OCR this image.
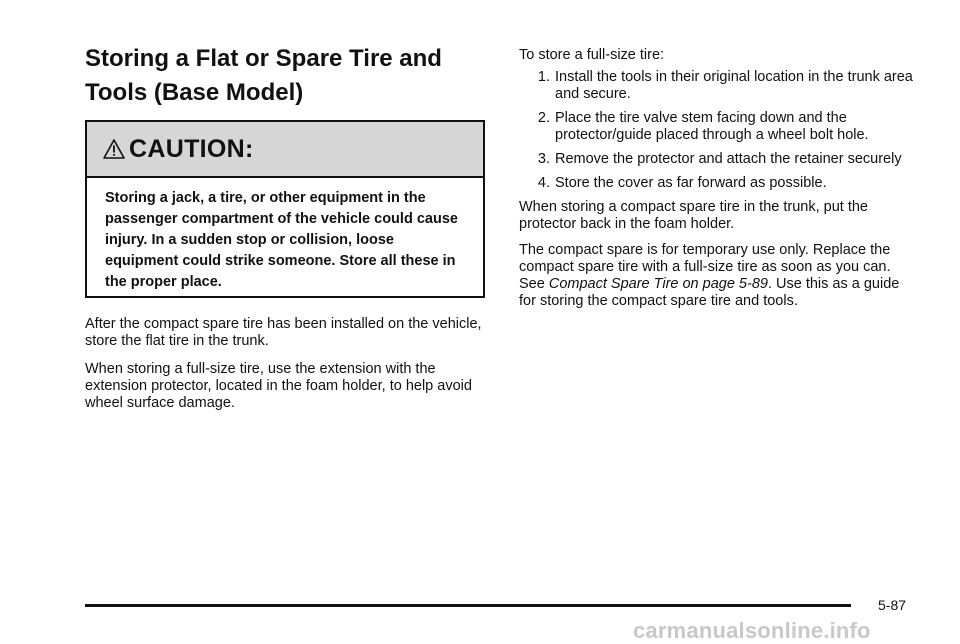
Storing a Flat or Spare Tire and Tools (Base Model)
CAUTION:
Storing a jack, a tire, or other equipment in the passenger compartment of the vehicle could cause injury. In a sudden stop or collision, loose equipment could strike someone. Store all these in the proper place.

After the compact spare tire has been installed on the vehicle, store the flat tire in the trunk.

When storing a full-size tire, use the extension with the extension protector, located in the foam holder, to help avoid wheel surface damage.

To store a full-size tire:

1. Install the tools in their original location in the trunk area and secure.
2. Place the tire valve stem facing down and the protector/guide placed through a wheel bolt hole.
3. Remove the protector and attach the retainer securely
4. Store the cover as far forward as possible.

When storing a compact spare tire in the trunk, put the protector back in the foam holder.

The compact spare is for temporary use only. Replace the compact spare tire with a full-size tire as soon as you can. See Compact Spare Tire on page 5-89. Use this as a guide for storing the compact spare tire and tools.

5-87
carmanualsonline.info
